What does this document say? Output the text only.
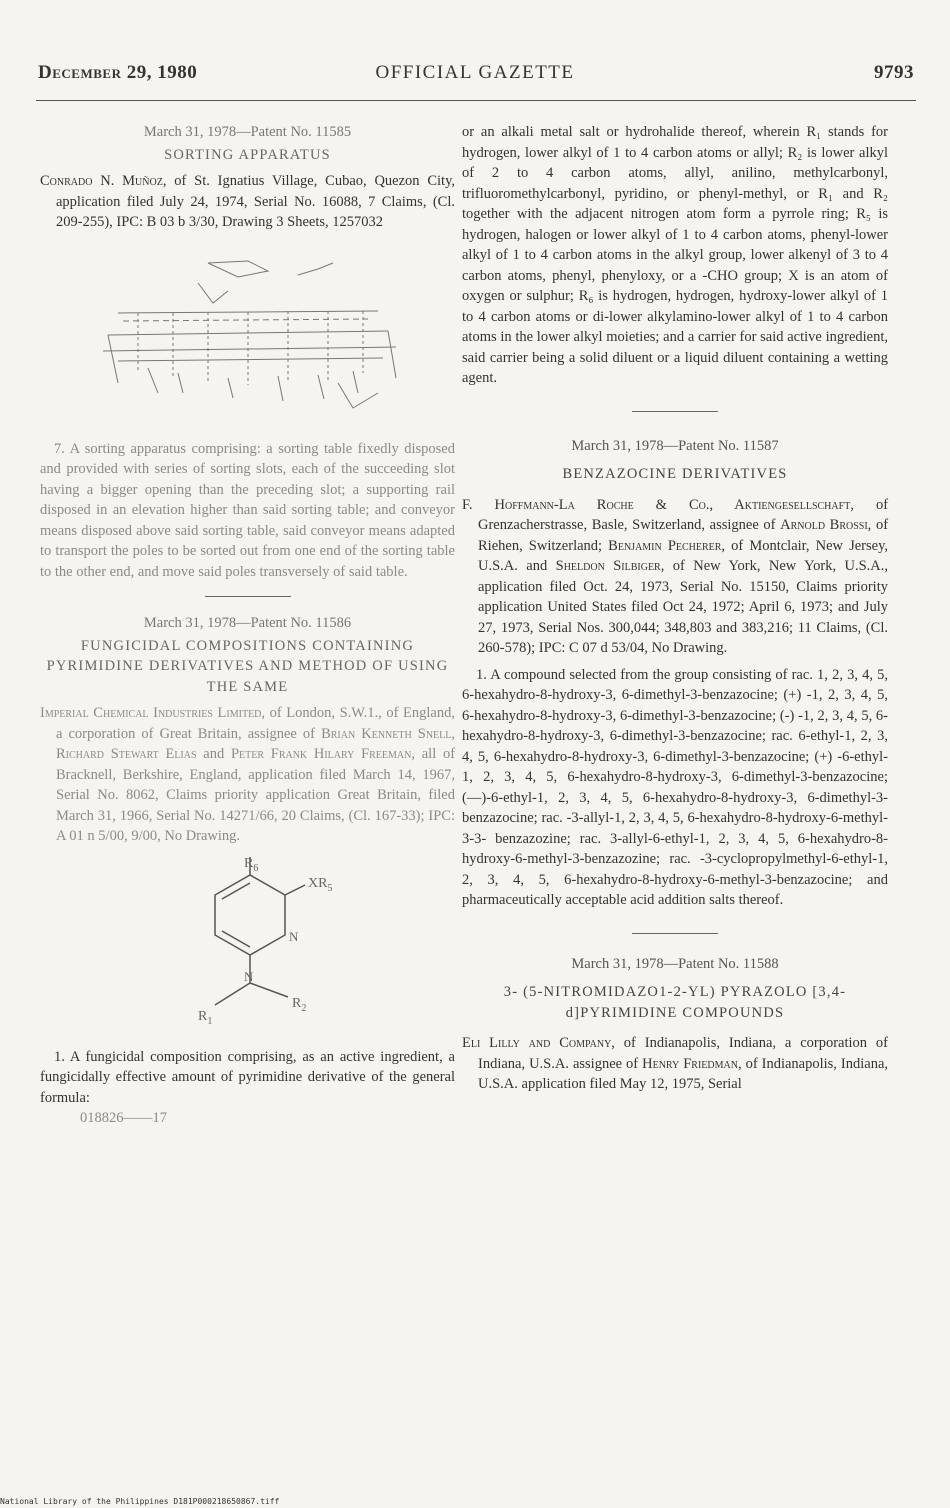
OFFICIAL GAZETTE
December 29, 1980	9793
March 31, 1978—Patent No. 11585
SORTING APPARATUS

Conrado N. Muñoz, of St. Ignatius Village, Cubao, Quezon City, application filed July 24, 1974, Serial No. 16088, 7 Claims, (Cl. 209-255), IPC: B 03 b 3/30, Drawing 3 Sheets, 1257032

7. A sorting apparatus comprising: a sorting table fixedly disposed and provided with series of sorting slots, each of the succeeding slot having a bigger opening than the preceding slot; a supporting rail disposed in an elevation higher than said sorting table; and conveyor means disposed above said sorting table, said conveyor means adapted to transport the poles to be sorted out from one end of the sorting table to the other end, and move said poles transversely of said table.

March 31, 1978—Patent No. 11586
FUNGICIDAL COMPOSITIONS CONTAINING PYRIMIDINE DERIVATIVES AND METHOD OF USING THE SAME

Imperial Chemical Industries Limited, of London, S.W.1., of England, a corporation of Great Britain, assignee of Brian Kenneth Snell, Richard Stewart Elias and Peter Frank Hilary Freeman, all of Bracknell, Berkshire, England, application filed March 14, 1967, Serial No. 8062, Claims priority application Great Britain, filed March 31, 1966, Serial No. 14271/66, 20 Claims, (Cl. 167-33); IPC: A 01 n 5/00, 9/00, No Drawing.

$R_6$
$XR_5$
N
N
$R_1$
$R_2$

1. A fungicidal composition comprising, as an active ingredient, a fungicidally effective amount of pyrimidine derivative of the general formula:

018826——17

or an alkali metal salt or hydrohalide thereof, wherein R₁ stands for hydrogen, lower alkyl of 1 to 4 carbon atoms or allyl; R₂ is lower alkyl of 2 to 4 carbon atoms, allyl, anilino, methylcarbonyl, trifluoromethylcarbonyl, pyridino, or phenyl-methyl, or R₁ and R₂ together with the adjacent nitrogen atom form a pyrrole ring; R₅ is hydrogen, halogen or lower alkyl of 1 to 4 carbon atoms, phenyl-lower alkyl of 1 to 4 carbon atoms in the alkyl group, lower alkenyl of 3 to 4 carbon atoms, phenyl, phenyloxy, or a -CHO group; X is an atom of oxygen or sulphur; R₆ is hydrogen, hydrogen, hydroxy-lower alkyl of 1 to 4 carbon atoms or di-lower alkylamino-lower alkyl of 1 to 4 carbon atoms in the lower alkyl moieties; and a carrier for said active ingredient, said carrier being a solid diluent or a liquid diluent containing a wetting agent.

March 31, 1978—Patent No. 11587
BENZAZOCINE DERIVATIVES

F. Hoffmann-La Roche & Co., Aktiengesellschaft, of Grenzacherstrasse, Basle, Switzerland, assignee of Arnold Brossi, of Riehen, Switzerland; Benjamin Pecherer, of Montclair, New Jersey, U.S.A. and Sheldon Silbiger, of New York, New York, U.S.A., application filed Oct. 24, 1973, Serial No. 15150, Claims priority application United States filed Oct 24, 1972; April 6, 1973; and July 27, 1973, Serial Nos. 300,044; 348,803 and 383,216; 11 Claims, (Cl. 260-578); IPC: C 07 d 53/04, No Drawing.

1. A compound selected from the group consisting of rac. 1, 2, 3, 4, 5, 6-hexahydro-8-hydroxy-3, 6-dimethyl-3-benzazocine; (+) -1, 2, 3, 4, 5, 6-hexahydro-8-hydroxy-3, 6-dimethyl-3-benzazocine; (-) -1, 2, 3, 4, 5, 6-hexahydro-8-hydroxy-3, 6-dimethyl-3-benzazocine; rac. 6-ethyl-1, 2, 3, 4, 5, 6-hexahydro-8-hydroxy-3, 6-dimethyl-3-benzazocine; (+) -6-ethyl-1, 2, 3, 4, 5, 6-hexahydro-8-hydroxy-3, 6-dimethyl-3-benzazocine; (—)-6-ethyl-1, 2, 3, 4, 5, 6-hexahydro-8-hydroxy-3, 6-dimethyl-3-benzazocine; rac. -3-allyl-1, 2, 3, 4, 5, 6-hexahydro-8-hydroxy-6-methyl-3-3- benzazozine; rac. 3-allyl-6-ethyl-1, 2, 3, 4, 5, 6-hexahydro-8-hydroxy-6-methyl-3-benzazozine; rac. -3-cyclopropylmethyl-6-ethyl-1, 2, 3, 4, 5, 6-hexahydro-8-hydroxy-6-methyl-3-benzazocine; and pharmaceutically acceptable acid addition salts thereof.

March 31, 1978—Patent No. 11588
3- (5-NITROMIDAZO1-2-YL) PYRAZOLO [3,4-d]PYRIMIDINE COMPOUNDS

Eli Lilly and Company, of Indianapolis, Indiana, a corporation of Indiana, U.S.A. assignee of Henry Friedman, of Indianapolis, Indiana, U.S.A. application filed May 12, 1975, Serial

National Library of the Philippines D181P000218650867.tiff
